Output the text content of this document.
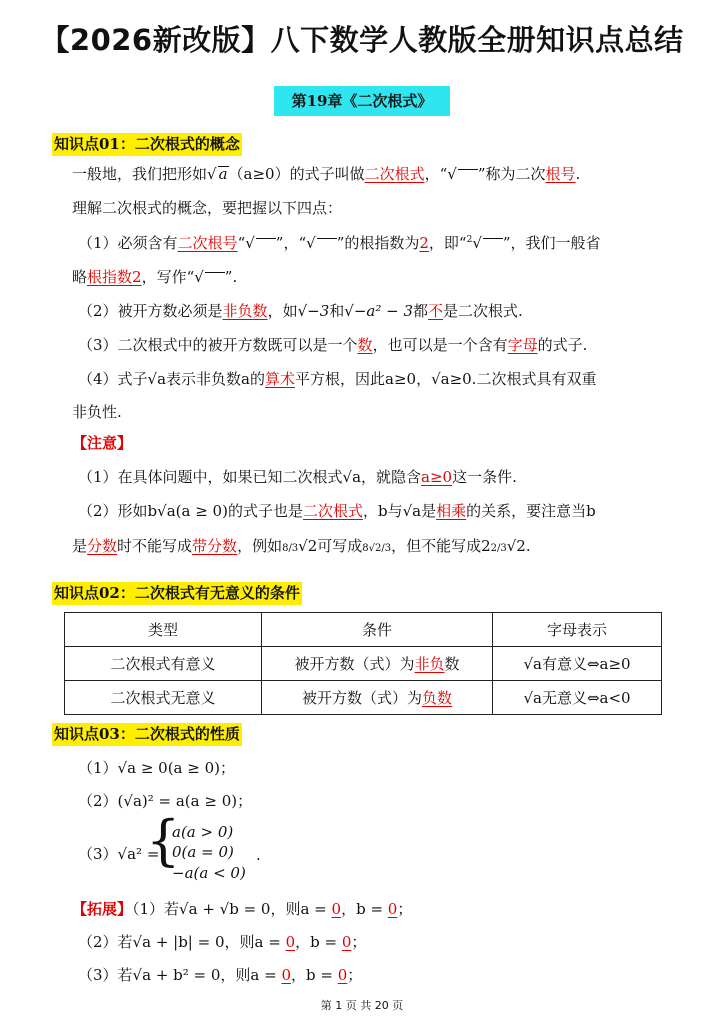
【2026新改版】八下数学人教版全册知识点总结
第19章《二次根式》
知识点01：二次根式的概念
一般地，我们把形如√ a（a≥0）的式子叫做二次根式，“√ ”称为二次根号.
理解二次根式的概念，要把握以下四点：
（1）必须含有二次根号“√ ”，“√ ”的根指数为2，即“$^2$√ ”，我们一般省
略根指数2，写作“√ ”.
（2）被开方数必须是非负数，如√−3和√−a² − 3都不是二次根式.
（3）二次根式中的被开方数既可以是一个数，也可以是一个含有字母的式子.
（4）式子√a表示非负数a的算术平方根，因此a≥0，√a≥0.二次根式具有双重
非负性.
【注意】
（1）在具体问题中，如果已知二次根式√a，就隐含a≥0这一条件.
（2）形如b√a(a ≥ 0)的式子也是二次根式，b与√a是相乘的关系，要注意当b
是分数时不能写成带分数，例如8/3√2可写成8√2/3，但不能写成22/3√2.
知识点02：二次根式有无意义的条件
类型	条件	字母表示
二次根式有意义	被开方数（式）为非负数	√a有意义⇔a≥0
二次根式无意义	被开方数（式）为负数	√a无意义⇔a<0
知识点03：二次根式的性质
（1）√a ≥ 0(a ≥ 0)；
（2）(√a)² = a(a ≥ 0)；
（3）√a² =
{
a(a > 0)
0(a = 0)
−a(a < 0)
.
【拓展】（1）若√a + √b = 0，则a = 0，b = 0；
（2）若√a + |b| = 0，则a = 0，b = 0；
（3）若√a + b² = 0，则a = 0，b = 0；
第 1 页 共 20 页
